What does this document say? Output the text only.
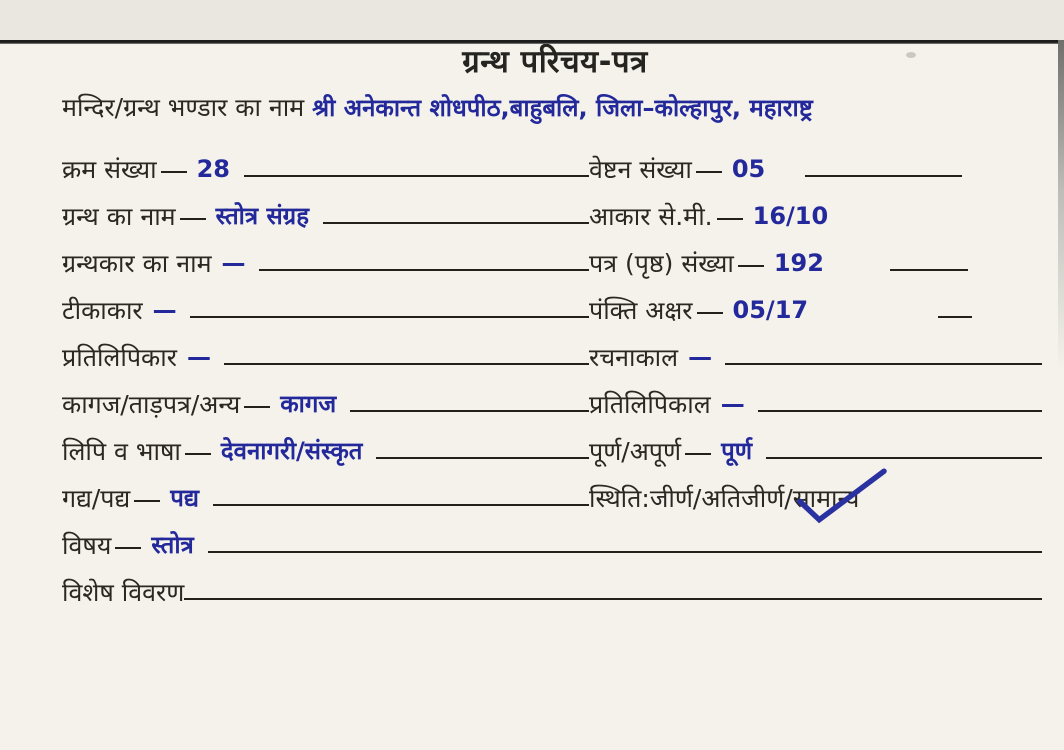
ग्रन्थ परिचय-पत्र
मन्दिर/ग्रन्थ भण्डार का नाम श्री अनेकान्त शोधपीठ,बाहुबलि, जिला–कोल्हापुर, महाराष्ट्र
क्रम संख्या 28	वेष्टन संख्या 05
ग्रन्थ का नाम स्तोत्र संग्रह	आकार से.मी. 16/10
ग्रन्थकार का नाम —	पत्र (पृष्ठ) संख्या 192
टीकाकार —	पंक्ति अक्षर 05/17
प्रतिलिपिकार —	रचनाकाल —
कागज/ताड़पत्र/अन्य कागज	प्रतिलिपिकाल —
लिपि व भाषा देवनागरी/संस्कृत	पूर्ण/अपूर्ण पूर्ण
गद्य/पद्य पद्य	स्थिति:जीर्ण/अतिजीर्ण/ सामान्य
विषय स्तोत्र
विशेष विवरण
